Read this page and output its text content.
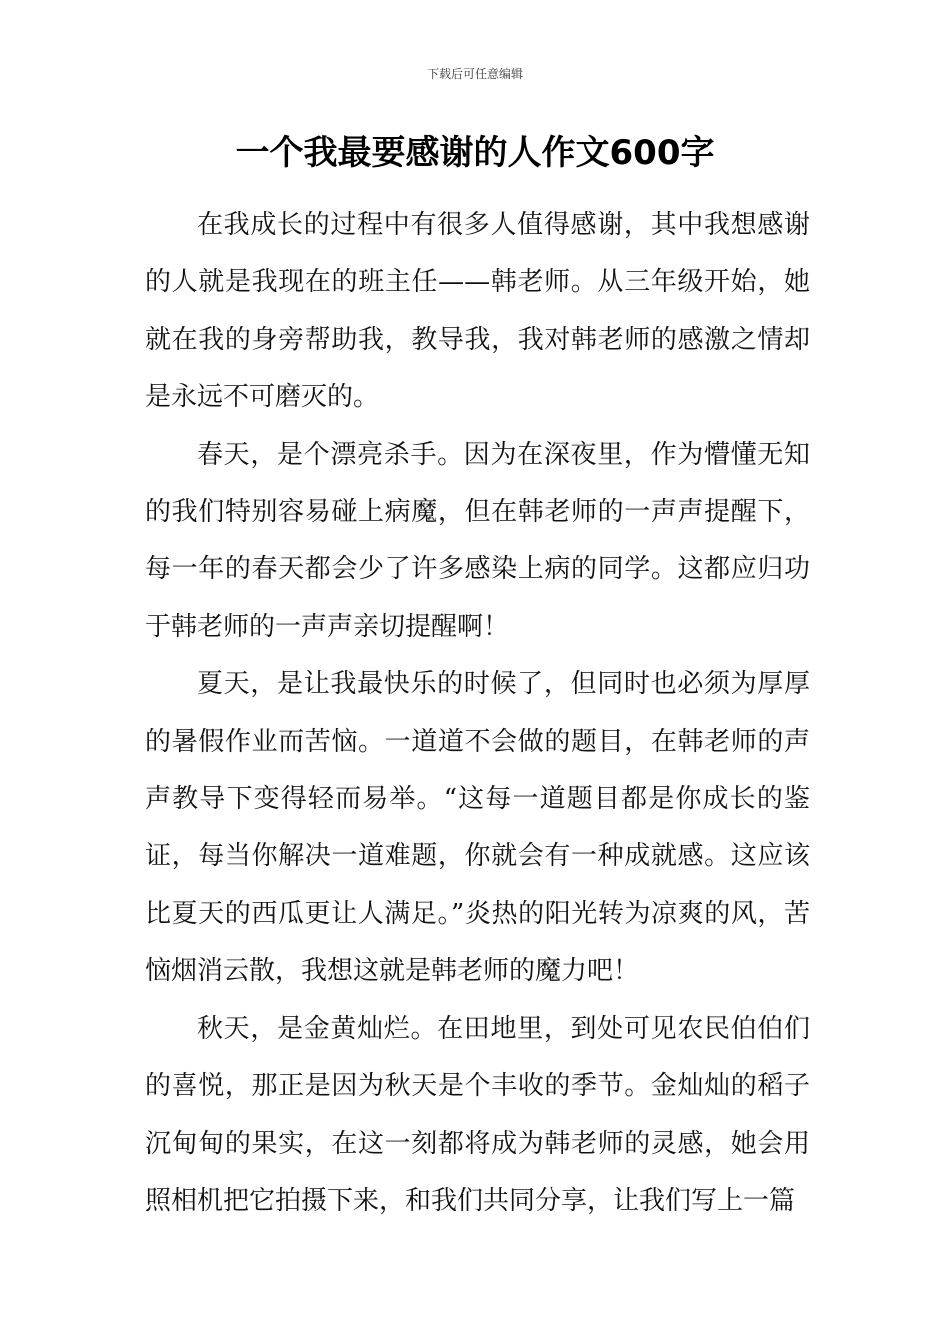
下载后可任意编辑
一个我最要感谢的人作文600字

在我成长的过程中有很多人值得感谢，其中我想感谢的人就是我现在的班主任——韩老师。从三年级开始，她就在我的身旁帮助我，教导我，我对韩老师的感激之情却是永远不可磨灭的。

春天，是个漂亮杀手。因为在深夜里，作为懵懂无知的我们特别容易碰上病魔，但在韩老师的一声声提醒下，每一年的春天都会少了许多感染上病的同学。这都应归功于韩老师的一声声亲切提醒啊！

夏天，是让我最快乐的时候了，但同时也必须为厚厚的暑假作业而苦恼。一道道不会做的题目，在韩老师的声声教导下变得轻而易举。“这每一道题目都是你成长的鉴证，每当你解决一道难题，你就会有一种成就感。这应该比夏天的西瓜更让人满足。”炎热的阳光转为凉爽的风，苦恼烟消云散，我想这就是韩老师的魔力吧！

秋天，是金黄灿烂。在田地里，到处可见农民伯伯们的喜悦，那正是因为秋天是个丰收的季节。金灿灿的稻子沉甸甸的果实，在这一刻都将成为韩老师的灵感，她会用照相机把它拍摄下来，和我们共同分享，让我们写上一篇
